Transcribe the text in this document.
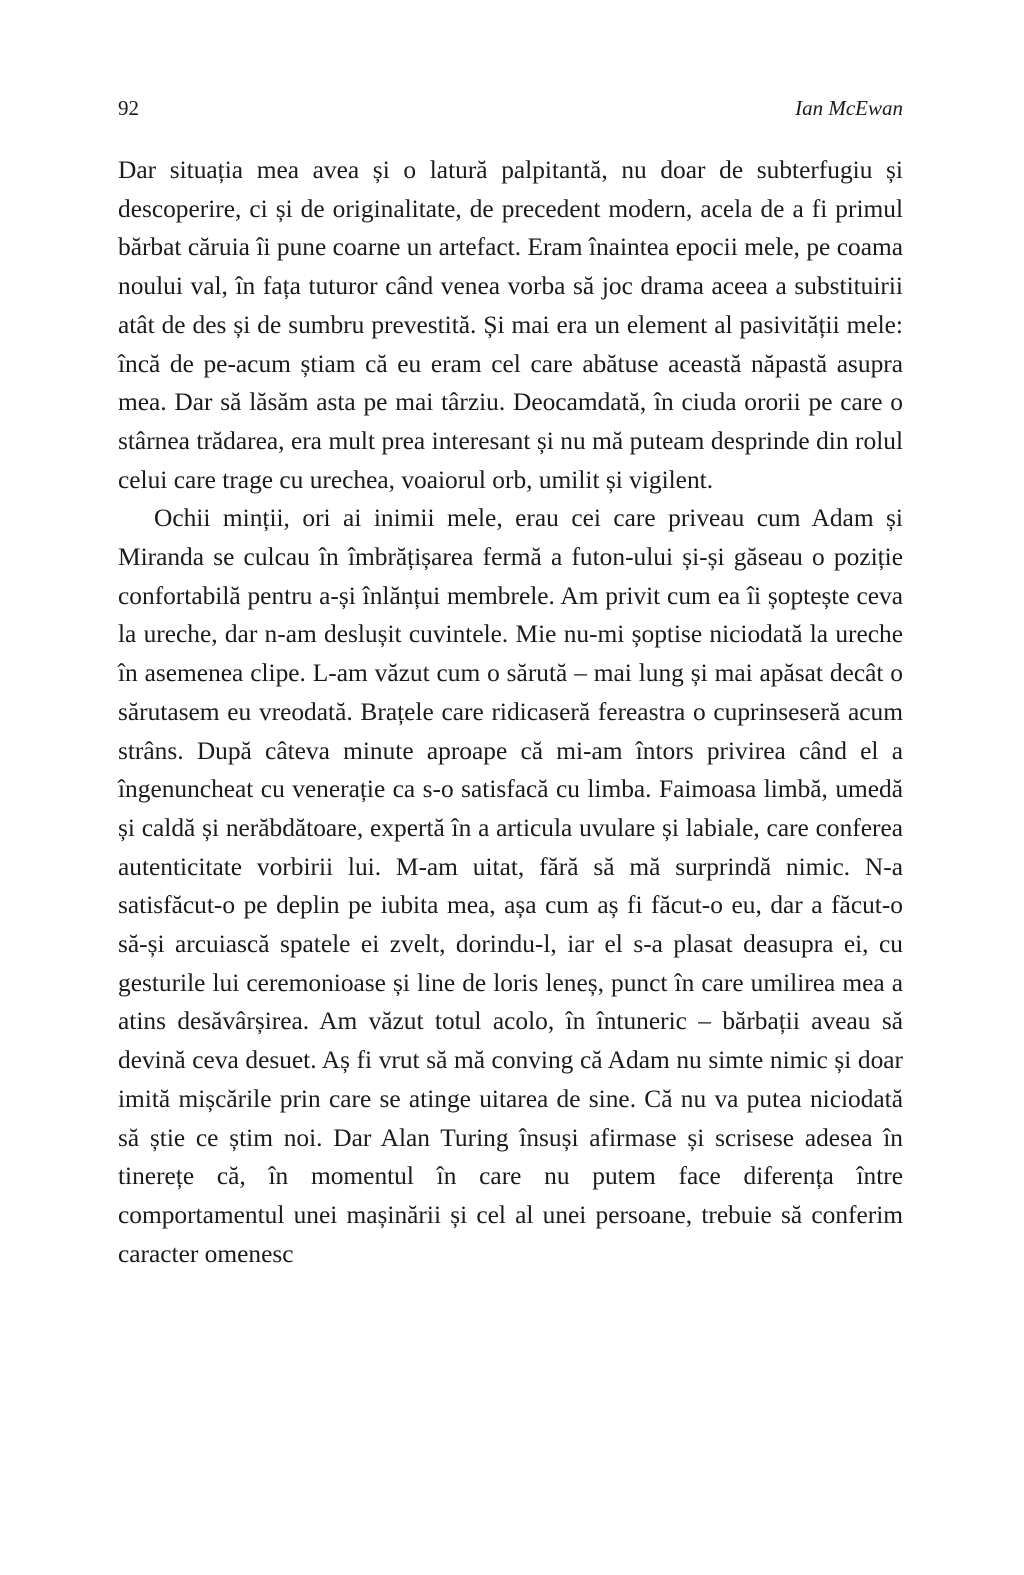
92	Ian McEwan

Dar situația mea avea și o latură palpitantă, nu doar de subterfugiu și descoperire, ci și de originalitate, de precedent modern, acela de a fi primul bărbat căruia îi pune coarne un artefact. Eram înaintea epocii mele, pe coama noului val, în fața tuturor când venea vorba să joc drama aceea a substituirii atât de des și de sumbru prevestită. Și mai era un element al pasivității mele: încă de pe-acum știam că eu eram cel care abătuse această năpastă asupra mea. Dar să lăsăm asta pe mai târziu. Deocamdată, în ciuda ororii pe care o stârnea trădarea, era mult prea interesant și nu mă puteam desprinde din rolul celui care trage cu urechea, voaiorul orb, umilit și vigilent.

Ochii minții, ori ai inimii mele, erau cei care priveau cum Adam și Miranda se culcau în îmbrățișarea fermă a futon-ului și-și găseau o poziție confortabilă pentru a-și înlănțui membrele. Am privit cum ea îi șoptește ceva la ureche, dar n-am deslușit cuvintele. Mie nu-mi șoptise niciodată la ureche în asemenea clipe. L-am văzut cum o sărută – mai lung și mai apăsat decât o sărutasem eu vreodată. Brațele care ridicaseră fereastra o cuprinseseră acum strâns. După câteva minute aproape că mi-am întors privirea când el a îngenuncheat cu venerație ca s-o satisfacă cu limba. Faimoasa limbă, umedă și caldă și nerăbdătoare, expertă în a articula uvulare și labiale, care conferea autenticitate vorbirii lui. M-am uitat, fără să mă surprindă nimic. N-a satisfăcut-o pe deplin pe iubita mea, așa cum aș fi făcut-o eu, dar a făcut-o să-și arcuiască spatele ei zvelt, dorindu-l, iar el s-a plasat deasupra ei, cu gesturile lui ceremonioase și line de loris leneș, punct în care umilirea mea a atins desăvârșirea. Am văzut totul acolo, în întuneric – bărbații aveau să devină ceva desuet. Aș fi vrut să mă conving că Adam nu simte nimic și doar imită mișcările prin care se atinge uitarea de sine. Că nu va putea niciodată să știe ce știm noi. Dar Alan Turing însuși afirmase și scrisese adesea în tinerețe că, în momentul în care nu putem face diferența între comportamentul unei mașinării și cel al unei persoane, trebuie să conferim caracter omenesc
